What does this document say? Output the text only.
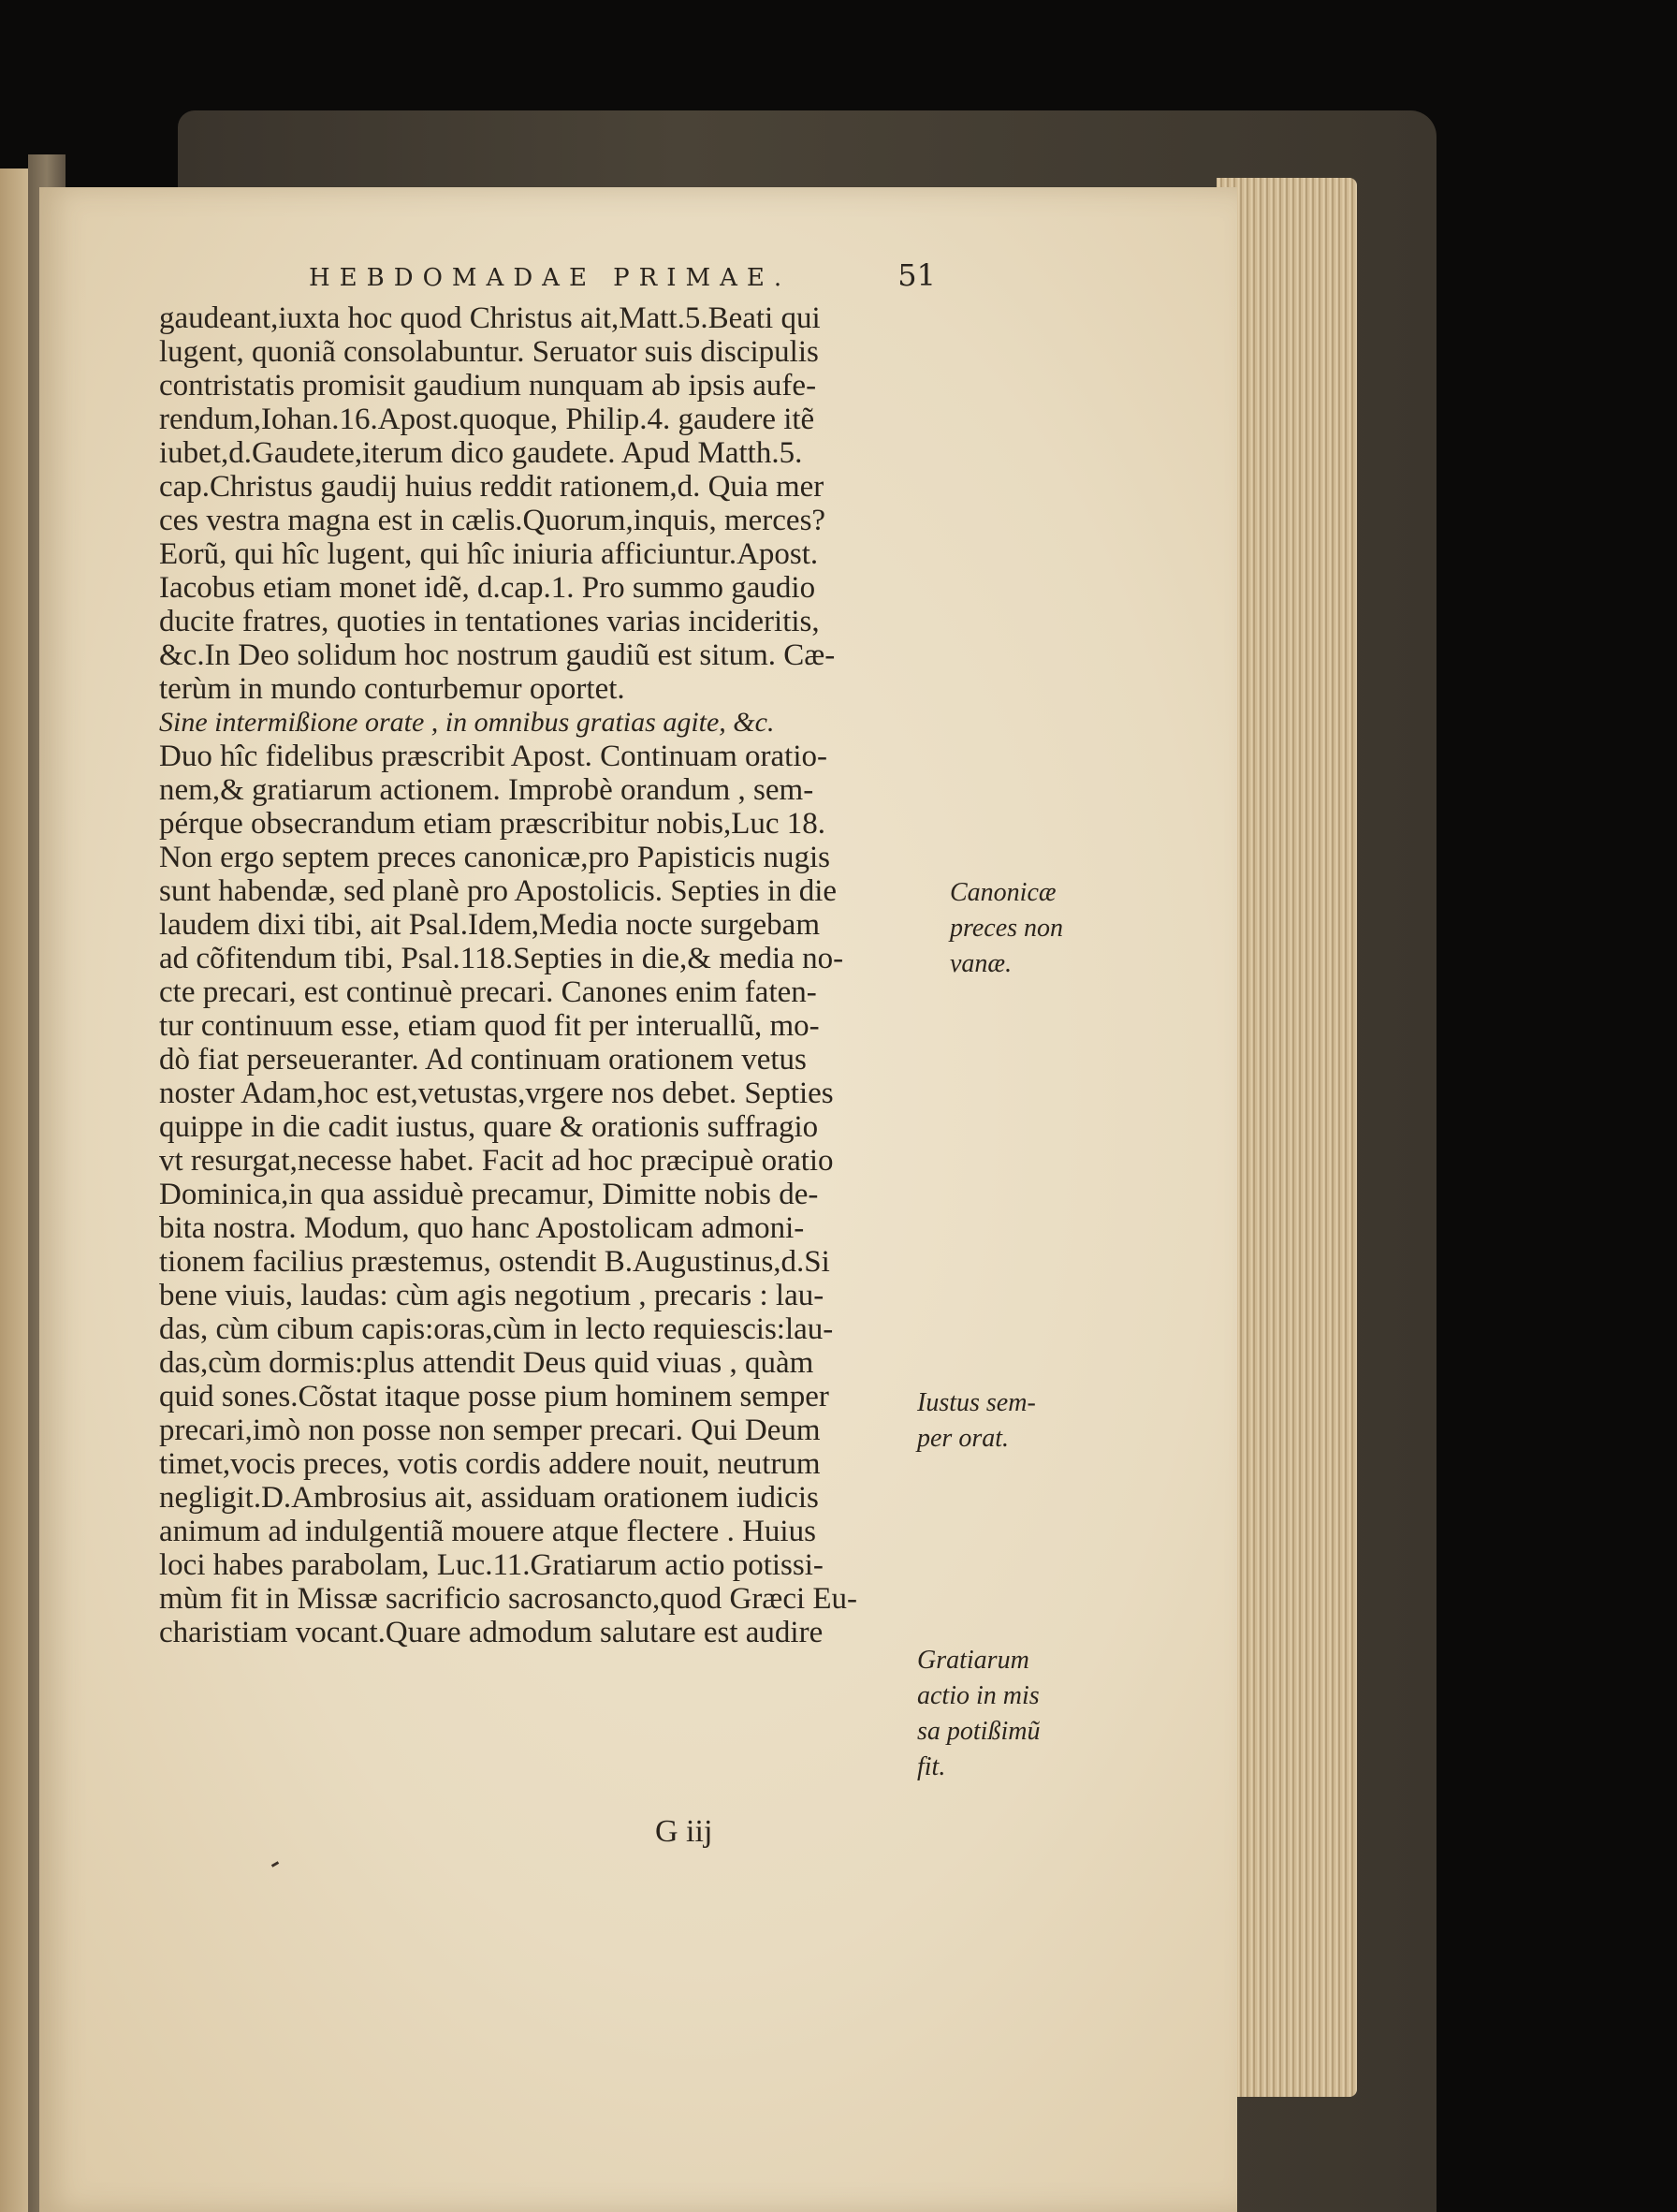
HEBDOMADAE PRIMAE.	51
gaudeant,iuxta hoc quod Christus ait,Matt.5.Beati qui
lugent, quoniã consolabuntur. Seruator suis discipulis
contristatis promisit gaudium nunquam ab ipsis aufe-
rendum,Iohan.16.Apost.quoque, Philip.4. gaudere itẽ
iubet,d.Gaudete,iterum dico gaudete. Apud Matth.5.
cap.Christus gaudij huius reddit rationem,d. Quia mer
ces vestra magna est in cælis.Quorum,inquis, merces?
Eorũ, qui hîc lugent, qui hîc iniuria afficiuntur.Apost.
Iacobus etiam monet idẽ, d.cap.1. Pro summo gaudio
ducite fratres, quoties in tentationes varias incideritis,
&c.In Deo solidum hoc nostrum gaudiũ est situm. Cæ-
terùm in mundo conturbemur oportet.
Sine intermißione orate , in omnibus gratias agite, &c.
Duo hîc fidelibus præscribit Apost. Continuam oratio-
nem,& gratiarum actionem. Improbè orandum , sem-
pérque obsecrandum etiam præscribitur nobis,Luc 18.
Non ergo septem preces canonicæ,pro Papisticis nugis
sunt habendæ, sed planè pro Apostolicis. Septies in die
laudem dixi tibi, ait Psal.Idem,Media nocte surgebam
ad cõfitendum tibi, Psal.118.Septies in die,& media no-
cte precari, est continuè precari. Canones enim faten-
tur continuum esse, etiam quod fit per interuallũ, mo-
dò fiat perseueranter. Ad continuam orationem vetus
noster Adam,hoc est,vetustas,vrgere nos debet. Septies
quippe in die cadit iustus, quare & orationis suffragio
vt resurgat,necesse habet. Facit ad hoc præcipuè oratio
Dominica,in qua assiduè precamur, Dimitte nobis de-
bita nostra. Modum, quo hanc Apostolicam admoni-
tionem facilius præstemus, ostendit B.Augustinus,d.Si
bene viuis, laudas: cùm agis negotium , precaris : lau-
das, cùm cibum capis:oras,cùm in lecto requiescis:lau-
das,cùm dormis:plus attendit Deus quid viuas , quàm
quid sones.Cõstat itaque posse pium hominem semper
precari,imò non posse non semper precari. Qui Deum
timet,vocis preces, votis cordis addere nouit, neutrum
negligit.D.Ambrosius ait, assiduam orationem iudicis
animum ad indulgentiã mouere atque flectere . Huius
loci habes parabolam, Luc.11.Gratiarum actio potissi-
mùm fit in Missæ sacrificio sacrosancto,quod Græci Eu-
charistiam vocant.Quare admodum salutare est audire
Canonicæ
preces non
vanæ.
Iustus sem-
per orat.
Gratiarum
actio in mis
sa potißimũ
fit.
G iij
